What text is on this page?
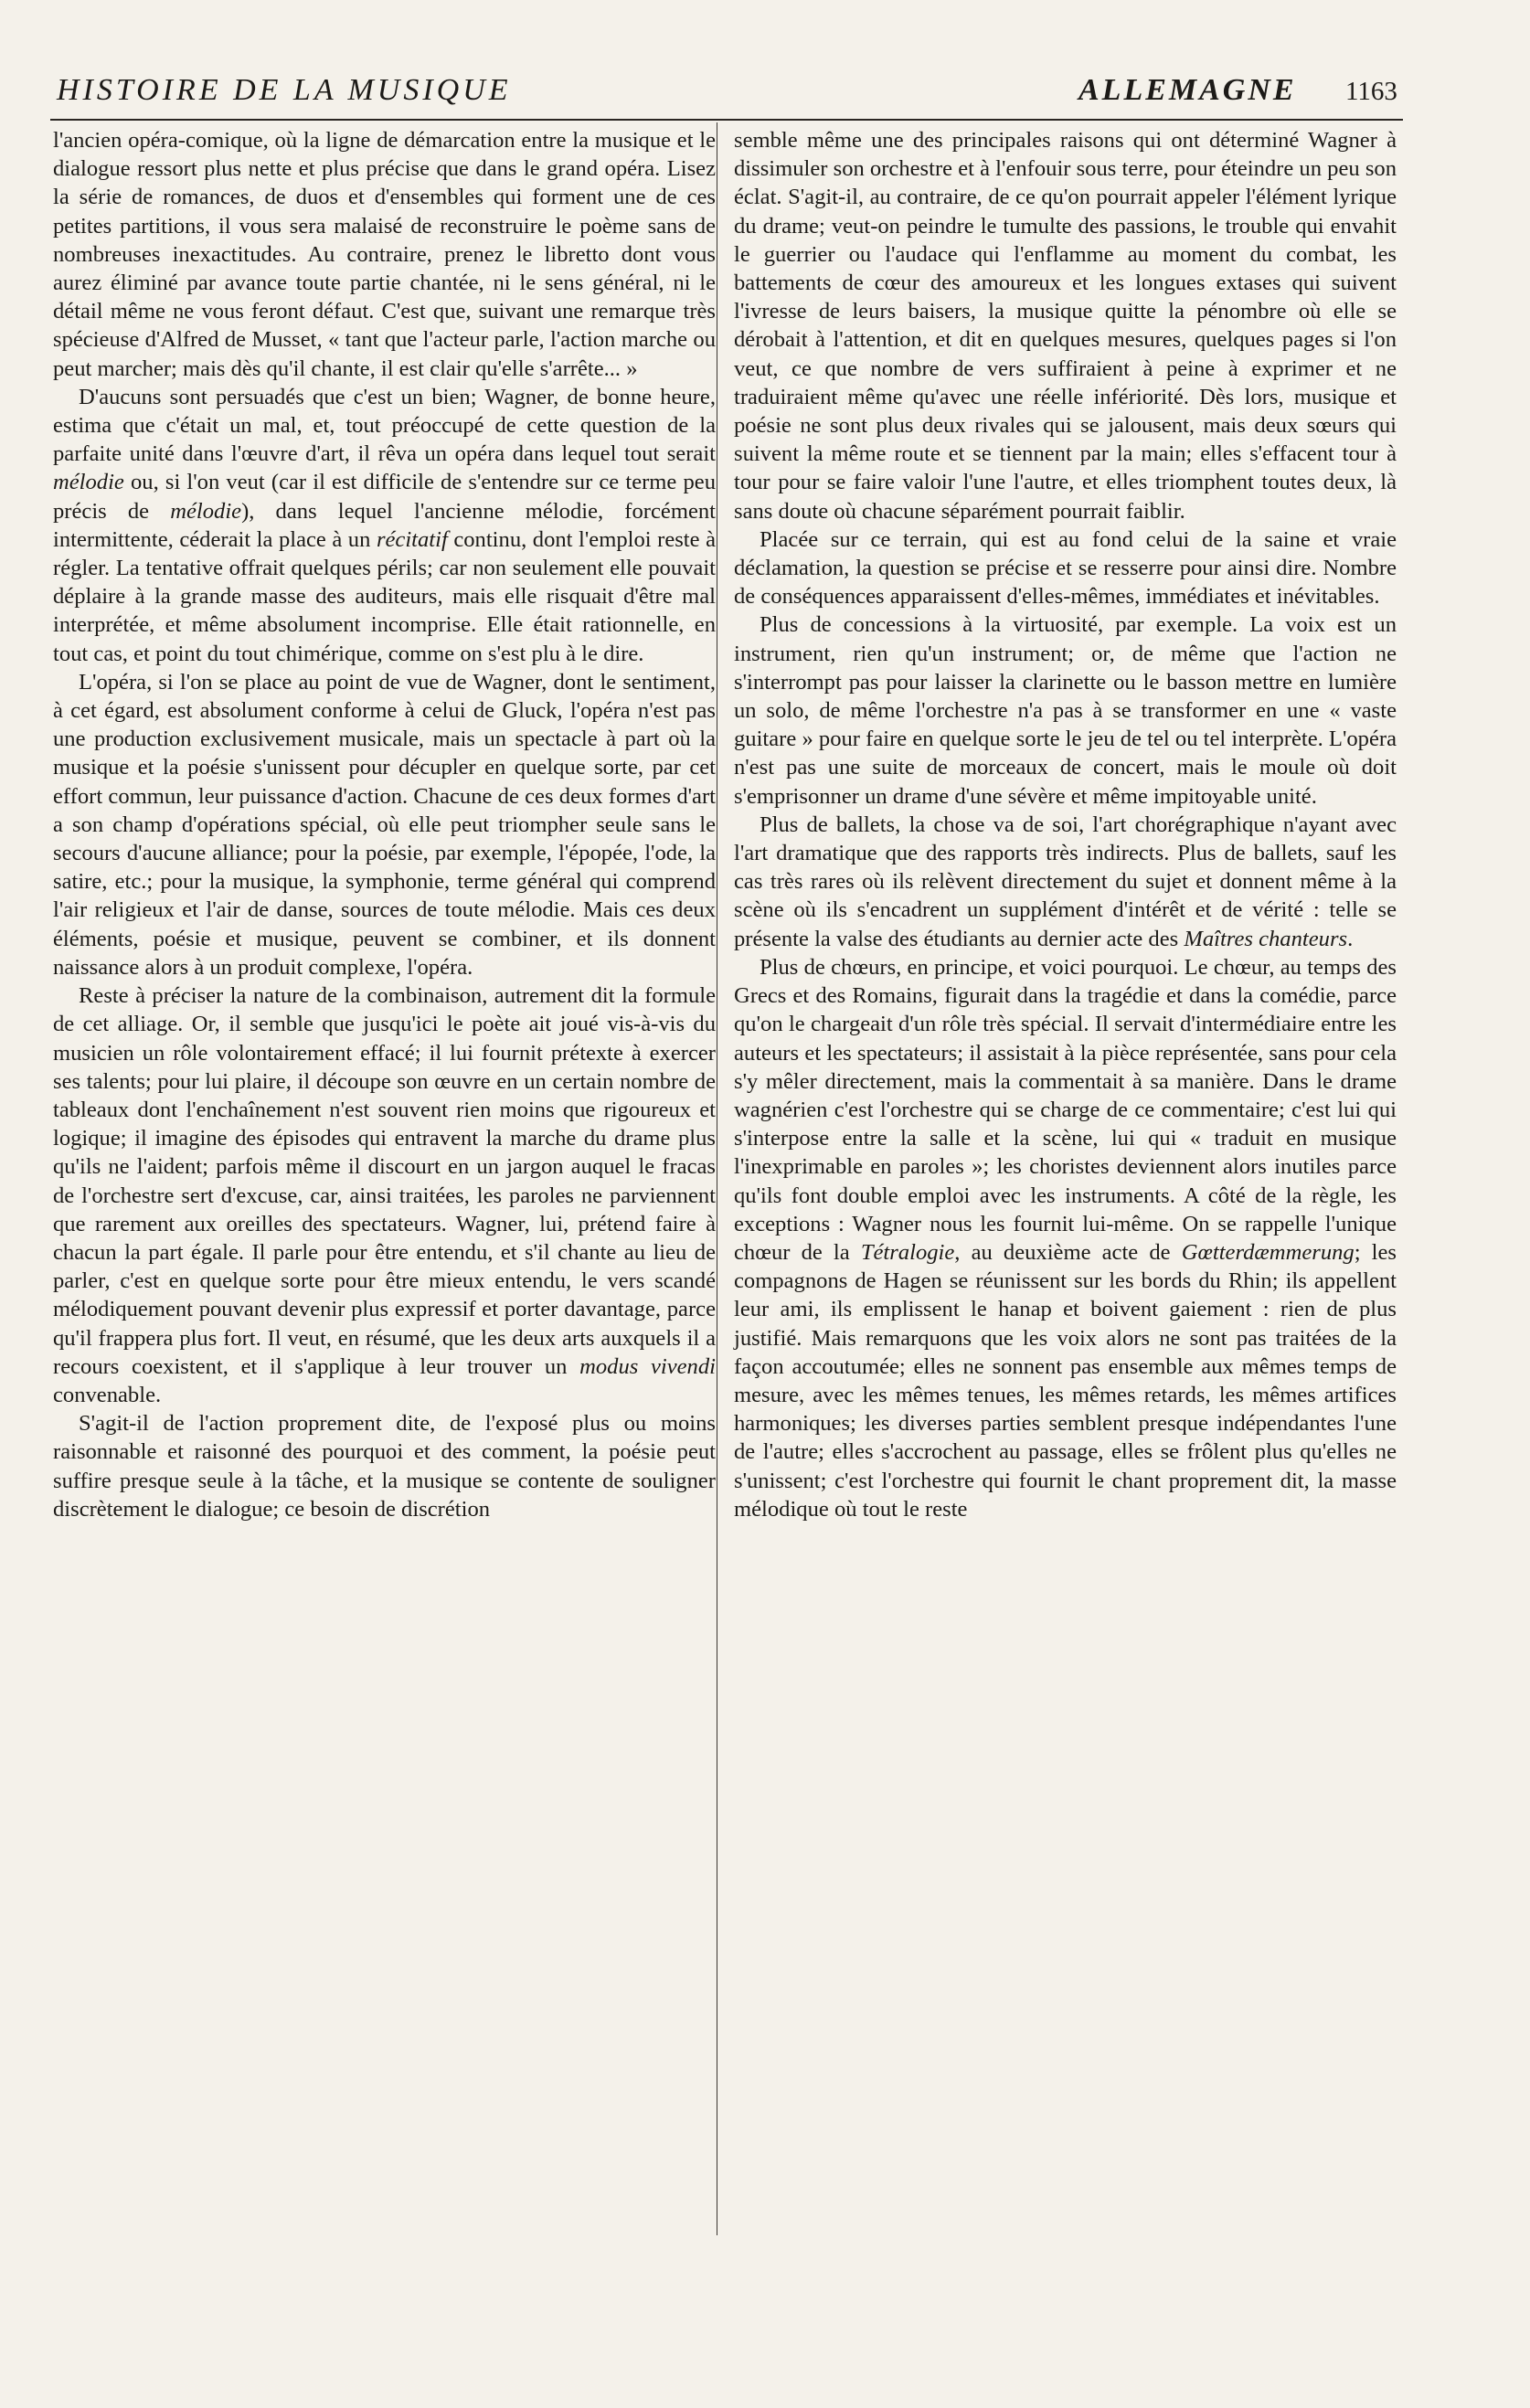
HISTOIRE DE LA MUSIQUE	ALLEMAGNE 1163

l'ancien opéra-comique, où la ligne de démarcation entre la musique et le dialogue ressort plus nette et plus précise que dans le grand opéra. Lisez la série de romances, de duos et d'ensembles qui forment une de ces petites partitions, il vous sera malaisé de reconstruire le poème sans de nombreuses inexactitudes. Au contraire, prenez le libretto dont vous aurez éliminé par avance toute partie chantée, ni le sens général, ni le détail même ne vous feront défaut. C'est que, suivant une remarque très spécieuse d'Alfred de Musset, « tant que l'acteur parle, l'action marche ou peut marcher; mais dès qu'il chante, il est clair qu'elle s'arrête... »

D'aucuns sont persuadés que c'est un bien; Wagner, de bonne heure, estima que c'était un mal, et, tout préoccupé de cette question de la parfaite unité dans l'œuvre d'art, il rêva un opéra dans lequel tout serait mélodie ou, si l'on veut (car il est difficile de s'entendre sur ce terme peu précis de mélodie), dans lequel l'ancienne mélodie, forcément intermittente, céderait la place à un récitatif continu, dont l'emploi reste à régler. La tentative offrait quelques périls; car non seulement elle pouvait déplaire à la grande masse des auditeurs, mais elle risquait d'être mal interprétée, et même absolument incomprise. Elle était rationnelle, en tout cas, et point du tout chimérique, comme on s'est plu à le dire.

L'opéra, si l'on se place au point de vue de Wagner, dont le sentiment, à cet égard, est absolument conforme à celui de Gluck, l'opéra n'est pas une production exclusivement musicale, mais un spectacle à part où la musique et la poésie s'unissent pour décupler en quelque sorte, par cet effort commun, leur puissance d'action. Chacune de ces deux formes d'art a son champ d'opérations spécial, où elle peut triompher seule sans le secours d'aucune alliance; pour la poésie, par exemple, l'épopée, l'ode, la satire, etc.; pour la musique, la symphonie, terme général qui comprend l'air religieux et l'air de danse, sources de toute mélodie. Mais ces deux éléments, poésie et musique, peuvent se combiner, et ils donnent naissance alors à un produit complexe, l'opéra.

Reste à préciser la nature de la combinaison, autrement dit la formule de cet alliage. Or, il semble que jusqu'ici le poète ait joué vis-à-vis du musicien un rôle volontairement effacé; il lui fournit prétexte à exercer ses talents; pour lui plaire, il découpe son œuvre en un certain nombre de tableaux dont l'enchaînement n'est souvent rien moins que rigoureux et logique; il imagine des épisodes qui entravent la marche du drame plus qu'ils ne l'aident; parfois même il discourt en un jargon auquel le fracas de l'orchestre sert d'excuse, car, ainsi traitées, les paroles ne parviennent que rarement aux oreilles des spectateurs. Wagner, lui, prétend faire à chacun la part égale. Il parle pour être entendu, et s'il chante au lieu de parler, c'est en quelque sorte pour être mieux entendu, le vers scandé mélodiquement pouvant devenir plus expressif et porter davantage, parce qu'il frappera plus fort. Il veut, en résumé, que les deux arts auxquels il a recours coexistent, et il s'applique à leur trouver un modus vivendi convenable.

S'agit-il de l'action proprement dite, de l'exposé plus ou moins raisonnable et raisonné des pourquoi et des comment, la poésie peut suffire presque seule à la tâche, et la musique se contente de souligner discrètement le dialogue; ce besoin de discrétion

semble même une des principales raisons qui ont déterminé Wagner à dissimuler son orchestre et à l'enfouir sous terre, pour éteindre un peu son éclat. S'agit-il, au contraire, de ce qu'on pourrait appeler l'élément lyrique du drame; veut-on peindre le tumulte des passions, le trouble qui envahit le guerrier ou l'audace qui l'enflamme au moment du combat, les battements de cœur des amoureux et les longues extases qui suivent l'ivresse de leurs baisers, la musique quitte la pénombre où elle se dérobait à l'attention, et dit en quelques mesures, quelques pages si l'on veut, ce que nombre de vers suffiraient à peine à exprimer et ne traduiraient même qu'avec une réelle infériorité. Dès lors, musique et poésie ne sont plus deux rivales qui se jalousent, mais deux sœurs qui suivent la même route et se tiennent par la main; elles s'effacent tour à tour pour se faire valoir l'une l'autre, et elles triomphent toutes deux, là sans doute où chacune séparément pourrait faiblir.

Placée sur ce terrain, qui est au fond celui de la saine et vraie déclamation, la question se précise et se resserre pour ainsi dire. Nombre de conséquences apparaissent d'elles-mêmes, immédiates et inévitables.

Plus de concessions à la virtuosité, par exemple. La voix est un instrument, rien qu'un instrument; or, de même que l'action ne s'interrompt pas pour laisser la clarinette ou le basson mettre en lumière un solo, de même l'orchestre n'a pas à se transformer en une « vaste guitare » pour faire en quelque sorte le jeu de tel ou tel interprète. L'opéra n'est pas une suite de morceaux de concert, mais le moule où doit s'emprisonner un drame d'une sévère et même impitoyable unité.

Plus de ballets, la chose va de soi, l'art chorégraphique n'ayant avec l'art dramatique que des rapports très indirects. Plus de ballets, sauf les cas très rares où ils relèvent directement du sujet et donnent même à la scène où ils s'encadrent un supplément d'intérêt et de vérité : telle se présente la valse des étudiants au dernier acte des Maîtres chanteurs.

Plus de chœurs, en principe, et voici pourquoi. Le chœur, au temps des Grecs et des Romains, figurait dans la tragédie et dans la comédie, parce qu'on le chargeait d'un rôle très spécial. Il servait d'intermédiaire entre les auteurs et les spectateurs; il assistait à la pièce représentée, sans pour cela s'y mêler directement, mais la commentait à sa manière. Dans le drame wagnérien c'est l'orchestre qui se charge de ce commentaire; c'est lui qui s'interpose entre la salle et la scène, lui qui « traduit en musique l'inexprimable en paroles »; les choristes deviennent alors inutiles parce qu'ils font double emploi avec les instruments. A côté de la règle, les exceptions : Wagner nous les fournit lui-même. On se rappelle l'unique chœur de la Tétralogie, au deuxième acte de Gœtterdæmmerung; les compagnons de Hagen se réunissent sur les bords du Rhin; ils appellent leur ami, ils emplissent le hanap et boivent gaiement : rien de plus justifié. Mais remarquons que les voix alors ne sont pas traitées de la façon accoutumée; elles ne sonnent pas ensemble aux mêmes temps de mesure, avec les mêmes tenues, les mêmes retards, les mêmes artifices harmoniques; les diverses parties semblent presque indépendantes l'une de l'autre; elles s'accrochent au passage, elles se frôlent plus qu'elles ne s'unissent; c'est l'orchestre qui fournit le chant proprement dit, la masse mélodique où tout le reste
